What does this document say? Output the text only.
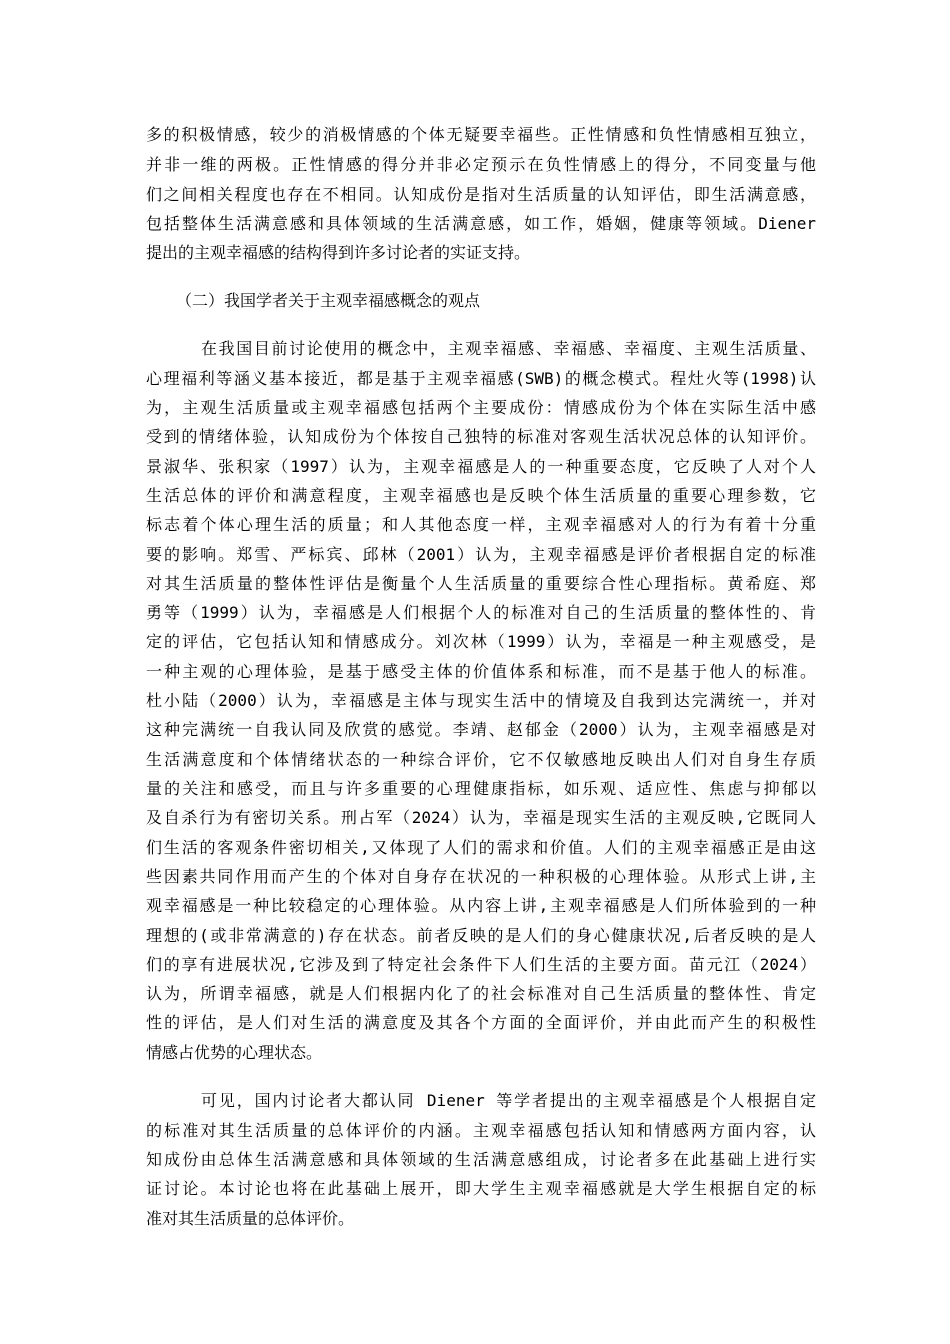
多的积极情感，较少的消极情感的个体无疑要幸福些。正性情感和负性情感相互独立，
并非一维的两极。正性情感的得分并非必定预示在负性情感上的得分，不同变量与他
们之间相关程度也存在不相同。认知成份是指对生活质量的认知评估，即生活满意感，
包括整体生活满意感和具体领域的生活满意感，如工作，婚姻，健康等领域。Diener
提出的主观幸福感的结构得到许多讨论者的实证支持。
（二）我国学者关于主观幸福感概念的观点
在我国目前讨论使用的概念中，主观幸福感、幸福感、幸福度、主观生活质量、
心理福利等涵义基本接近，都是基于主观幸福感(SWB)的概念模式。程灶火等(1998)认
为，主观生活质量或主观幸福感包括两个主要成份：情感成份为个体在实际生活中感
受到的情绪体验，认知成份为个体按自己独特的标准对客观生活状况总体的认知评价。
景淑华、张积家（1997）认为，主观幸福感是人的一种重要态度，它反映了人对个人
生活总体的评价和满意程度，主观幸福感也是反映个体生活质量的重要心理参数，它
标志着个体心理生活的质量；和人其他态度一样，主观幸福感对人的行为有着十分重
要的影响。郑雪、严标宾、邱林（2001）认为，主观幸福感是评价者根据自定的标准
对其生活质量的整体性评估是衡量个人生活质量的重要综合性心理指标。黄希庭、郑
勇等（1999）认为，幸福感是人们根据个人的标准对自己的生活质量的整体性的、肯
定的评估，它包括认知和情感成分。刘次林（1999）认为，幸福是一种主观感受，是
一种主观的心理体验，是基于感受主体的价值体系和标准，而不是基于他人的标准。
杜小陆（2000）认为，幸福感是主体与现实生活中的情境及自我到达完满统一，并对
这种完满统一自我认同及欣赏的感觉。李靖、赵郁金（2000）认为，主观幸福感是对
生活满意度和个体情绪状态的一种综合评价，它不仅敏感地反映出人们对自身生存质
量的关注和感受，而且与许多重要的心理健康指标，如乐观、适应性、焦虑与抑郁以
及自杀行为有密切关系。刑占军（2024）认为，幸福是现实生活的主观反映,它既同人
们生活的客观条件密切相关,又体现了人们的需求和价值。人们的主观幸福感正是由这
些因素共同作用而产生的个体对自身存在状况的一种积极的心理体验。从形式上讲,主
观幸福感是一种比较稳定的心理体验。从内容上讲,主观幸福感是人们所体验到的一种
理想的(或非常满意的)存在状态。前者反映的是人们的身心健康状况,后者反映的是人
们的享有进展状况,它涉及到了特定社会条件下人们生活的主要方面。苗元江（2024）
认为，所谓幸福感，就是人们根据内化了的社会标准对自己生活质量的整体性、肯定
性的评估，是人们对生活的满意度及其各个方面的全面评价，并由此而产生的积极性
情感占优势的心理状态。
可见，国内讨论者大都认同 Diener 等学者提出的主观幸福感是个人根据自定
的标准对其生活质量的总体评价的内涵。主观幸福感包括认知和情感两方面内容，认
知成份由总体生活满意感和具体领域的生活满意感组成，讨论者多在此基础上进行实
证讨论。本讨论也将在此基础上展开，即大学生主观幸福感就是大学生根据自定的标
准对其生活质量的总体评价。
